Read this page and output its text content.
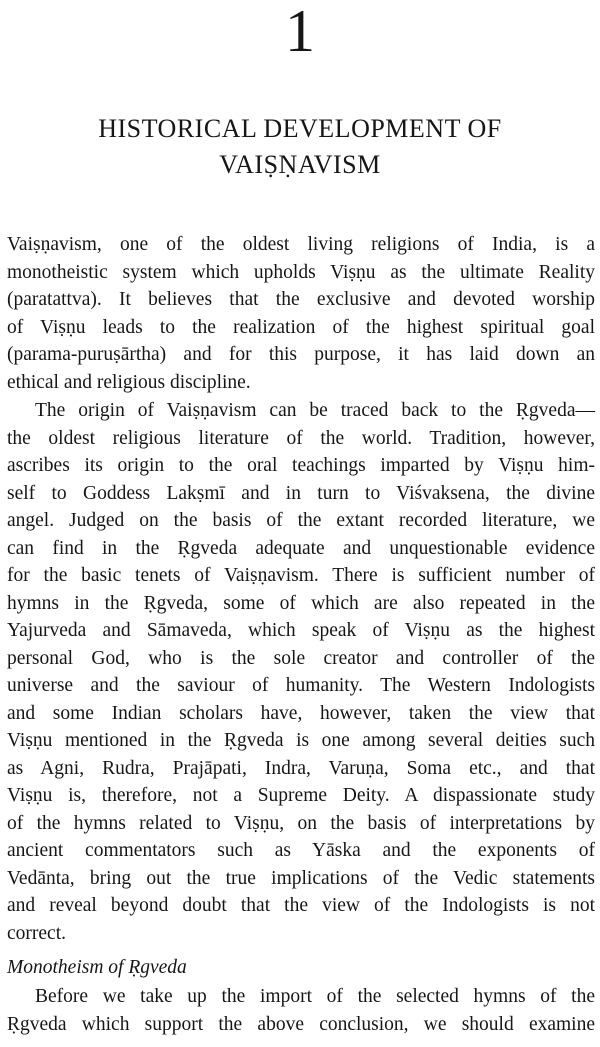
1
HISTORICAL DEVELOPMENT OF
VAIṢṆAVISM
Vaiṣṇavism, one of the oldest living religions of India, is a
monotheistic system which upholds Viṣṇu as the ultimate Reality
(paratattva). It believes that the exclusive and devoted worship
of Viṣṇu leads to the realization of the highest spiritual goal
(parama-puruṣārtha) and for this purpose, it has laid down an
ethical and religious discipline.
The origin of Vaiṣṇavism can be traced back to the Ṛgveda—
the oldest religious literature of the world. Tradition, however,
ascribes its origin to the oral teachings imparted by Viṣṇu him-
self to Goddess Lakṣmī and in turn to Viśvaksena, the divine
angel. Judged on the basis of the extant recorded literature, we
can find in the Ṛgveda adequate and unquestionable evidence
for the basic tenets of Vaiṣṇavism. There is sufficient number of
hymns in the Ṛgveda, some of which are also repeated in the
Yajurveda and Sāmaveda, which speak of Viṣṇu as the highest
personal God, who is the sole creator and controller of the
universe and the saviour of humanity. The Western Indologists
and some Indian scholars have, however, taken the view that
Viṣṇu mentioned in the Ṛgveda is one among several deities such
as Agni, Rudra, Prajāpati, Indra, Varuṇa, Soma etc., and that
Viṣṇu is, therefore, not a Supreme Deity. A dispassionate study
of the hymns related to Viṣṇu, on the basis of interpretations by
ancient commentators such as Yāska and the exponents of
Vedānta, bring out the true implications of the Vedic statements
and reveal beyond doubt that the view of the Indologists is not
correct.
Monotheism of Ṛgveda
Before we take up the import of the selected hymns of the
Ṛgveda which support the above conclusion, we should examine
